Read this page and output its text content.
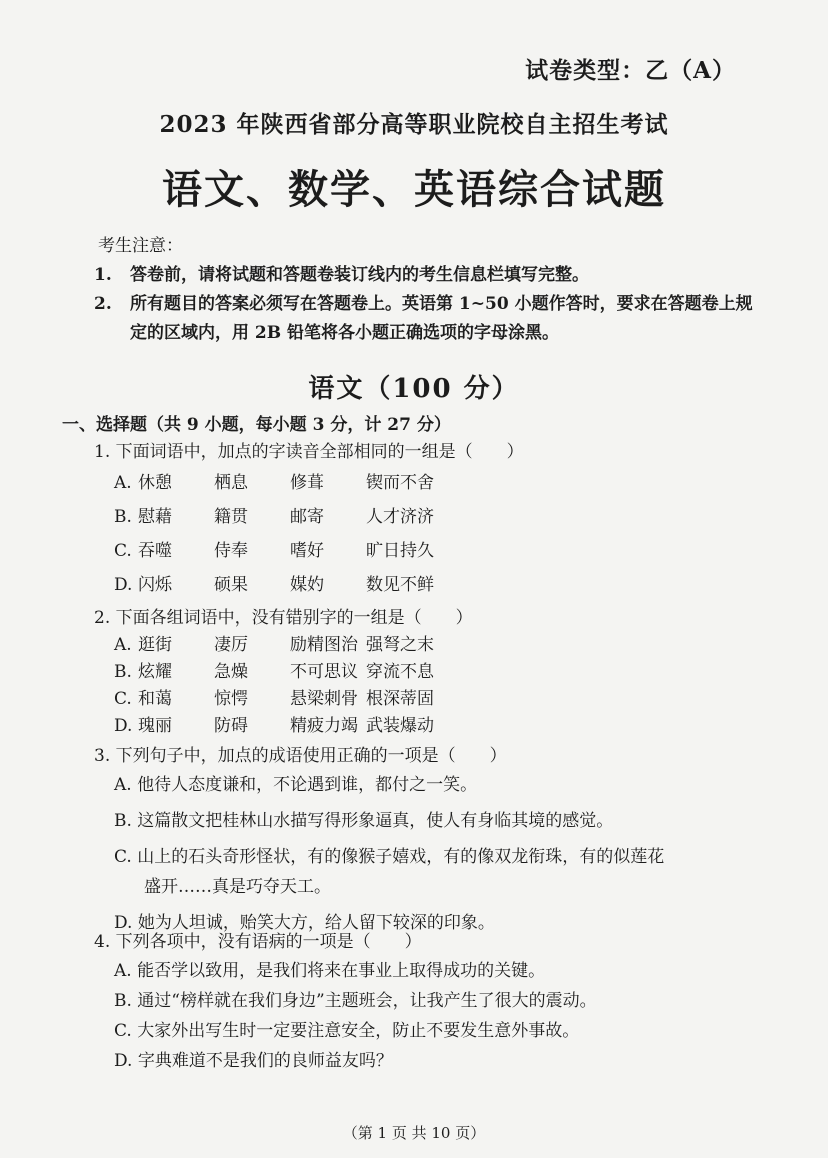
试卷类型：乙（A）
2023 年陕西省部分高等职业院校自主招生考试
语文、数学、英语综合试题
考生注意：
1.	答卷前，请将试题和答题卷装订线内的考生信息栏填写完整。
2.	所有题目的答案必须写在答题卷上。英语第 1~50 小题作答时，要求在答题卷上规定的区域内，用 2B 铅笔将各小题正确选项的字母涂黑。
语文（100 分）
一、选择题（共 9 小题，每小题 3 分，计 27 分）
1. 下面词语中，加点的字读音全部相同的一组是（　　）
A. 休憩	栖息	修葺	锲而不舍
B. 慰藉	籍贯	邮寄	人才济济
C. 吞噬	侍奉	嗜好	旷日持久
D. 闪烁	硕果	媒妁	数见不鲜
2. 下面各组词语中，没有错别字的一组是（　　）
A. 逛街	凄厉	励精图治 强弩之末
B. 炫耀	急燥	不可思议 穿流不息
C. 和蔼	惊愕	悬梁刺骨 根深蒂固
D. 瑰丽	防碍	精疲力竭 武装爆动
3. 下列句子中，加点的成语使用正确的一项是（　　）
A. 他待人态度谦和，不论遇到谁，都付之一笑。
B. 这篇散文把桂林山水描写得形象逼真，使人有身临其境的感觉。
C. 山上的石头奇形怪状，有的像猴子嬉戏，有的像双龙衔珠，有的似莲花
盛开……真是巧夺天工。
D. 她为人坦诚，贻笑大方，给人留下较深的印象。
4. 下列各项中，没有语病的一项是（　　）
A. 能否学以致用，是我们将来在事业上取得成功的关键。
B. 通过“榜样就在我们身边”主题班会，让我产生了很大的震动。
C. 大家外出写生时一定要注意安全，防止不要发生意外事故。
D. 字典难道不是我们的良师益友吗？
（第 1 页 共 10 页）
